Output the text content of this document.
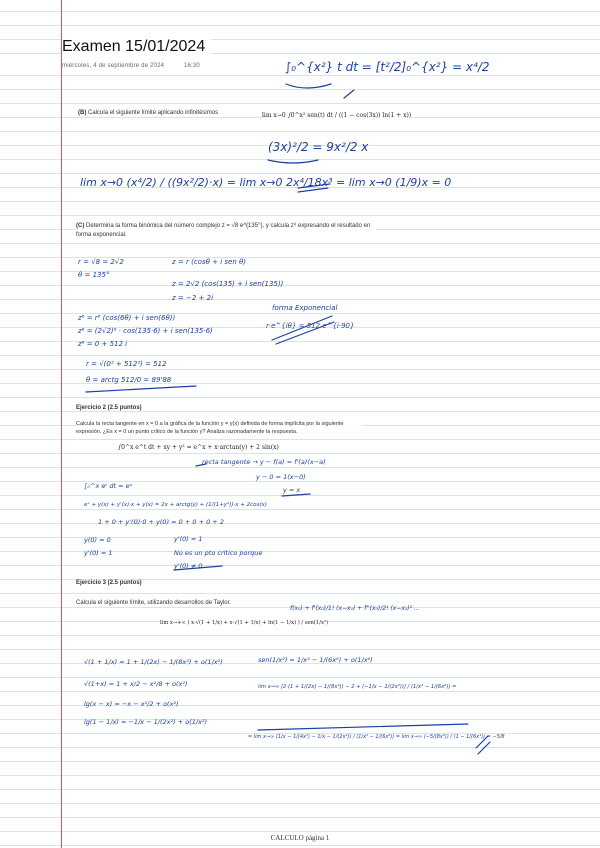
Examen 15/01/2024
miércoles, 4 de septiembre de 2024	16:30	∫₀^{x²} t dt = [t²/2]₀^{x²} = x⁴/2
(B) Calcula el siguiente límite aplicando infinitésimos	lim x→0 ∫0^x² sen(t) dt / ((1 − cos(3x)) ln(1 + x))
(3x)²/2 = 9x²/2 x
lim x→0 (x⁴/2) / ((9x²/2)·x) = lim x→0 2x⁴/18x³ = lim x→0 (1/9)x = 0
(C) Determina la forma binómica del número complejo z = √8 e^{135°}, y calcula z⁶ expresando el resultado en forma exponencial.
r = √8 = 2√2
θ = 135°
z = r (cosθ + i sen θ)
z = 2√2 (cos(135) + i sen(135))
z = −2 + 2i
forma Exponencial
r·e^{iθ} = 512 e^{i·90}
z⁶ = r⁶ (cos(6θ) + i sen(6θ))
z⁶ = (2√2)⁶ · cos(135·6) + i sen(135·6)
z⁶ = 0 + 512 i
r = √(0² + 512²) = 512
θ = arctg 512/0 = 89'88
Ejercicio 2 (2.5 puntos)
Calcula la recta tangente en x = 0 a la gráfica de la función y = y(x) definida de forma implícita por la siguiente expresión. ¿Es x = 0 un punto crítico de la función y? Analiza razonadamente la respuesta.
∫0^x e^t dt + xy + y² = e^x + x·arctan(y) + 2 sin(x)
recta tangente → y − f(a) = f'(a)(x−a)
y − 0 = 1(x−0)
y = x
∫₀^x eᵗ dt = eˣ
eˣ + y(x) + y'(x)·x + y(x) = 2x + arctg(y) + (1/(1+y²))·x + 2cos(x)
1 + 0 + y'(0)·0 + y(0) = 0 + 0 + 0 + 2
y(0) = 0
y'(0) = 1
y'(0) = 1
No es un pto crítico porque
y'(0) ≠ 0.
Ejercicio 3 (2.5 puntos)
Calcula el siguiente límite, utilizando desarrollos de Taylor.
lim x→+∞ ( x·√(1 + 1/x) + x·√(1 + 1/x) + ln(1 − 1/x) ) / sen(1/x²)
f(x₀) + f'(x₀)/1! (x−x₀) + f''(x₀)/2! (x−x₀)² ...
√(1 + 1/x) = 1 + 1/(2x) − 1/(8x²) + o(1/x²)
√(1+x) = 1 + x/2 − x²/8 + o(x²)
lg(x − x) = −x − x²/2 + o(x²)
lg(1 − 1/x) = −1/x − 1/(2x²) + o(1/x²)
sen(1/x²) = 1/x² − 1/(6x⁶) + o(1/x⁶)
lim x→∞ [2·(1 + 1/(2x) − 1/(8x²)) − 2 + (−1/x − 1/(2x²))] / (1/x² − 1/(6x⁶)) =
= lim x→∞ (1/x − 1/(4x²) − 1/x − 1/(2x²)) / (1/x² − 1/(6x⁶)) = lim x→∞ (−5/(8x²)) / (1 − 1/(6x⁴)) = −5/8
CALCULO página 1
